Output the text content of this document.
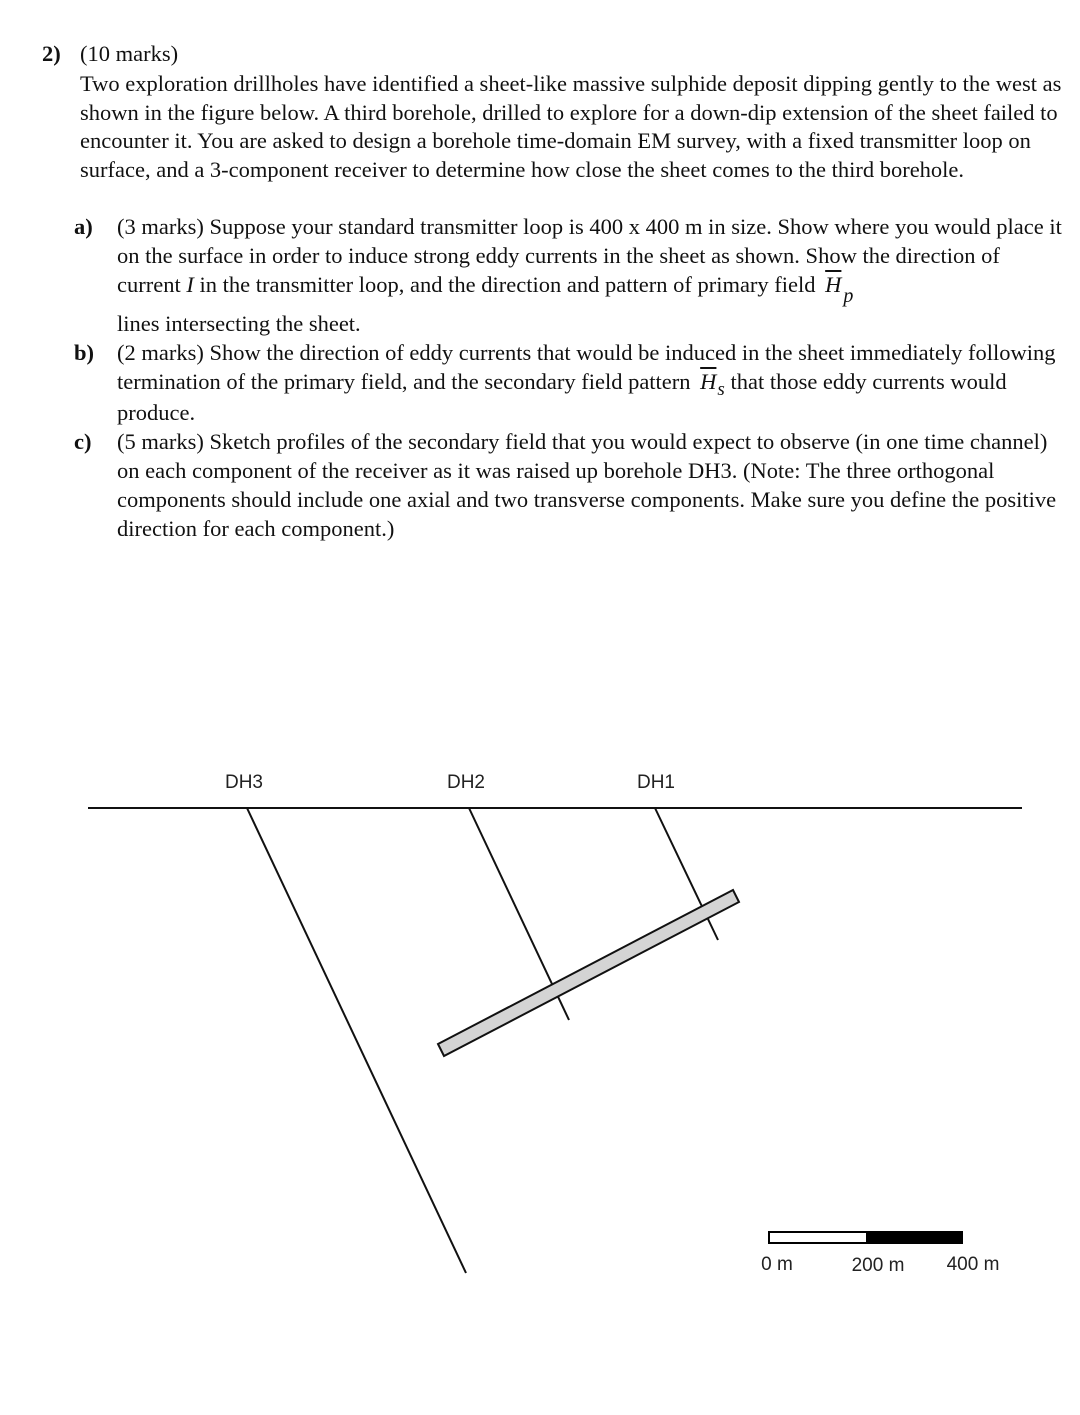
2) (10 marks)
Two exploration drillholes have identified a sheet-like massive sulphide deposit dipping gently to the west as shown in the figure below. A third borehole, drilled to explore for a down-dip extension of the sheet failed to encounter it. You are asked to design a borehole time-domain EM survey, with a fixed transmitter loop on surface, and a 3-component receiver to determine how close the sheet comes to the third borehole.
a)	(3 marks) Suppose your standard transmitter loop is 400 x 400 m in size. Show where you would place it on the surface in order to induce strong eddy currents in the sheet as shown. Show the direction of current I in the transmitter loop, and the direction and pattern of primary field $\overline{H}$ p
lines intersecting the sheet.
b)	(2 marks) Show the direction of eddy currents that would be induced in the sheet immediately following termination of the primary field, and the secondary field pattern $\overline{H}_s$ that those eddy currents would produce.
c)	(5 marks) Sketch profiles of the secondary field that you would expect to observe (in one time channel) on each component of the receiver as it was raised up borehole DH3. (Note: The three orthogonal components should include one axial and two transverse components. Make sure you define the positive direction for each component.)
DH3	DH2	DH1
0 m	200 m 400 m
